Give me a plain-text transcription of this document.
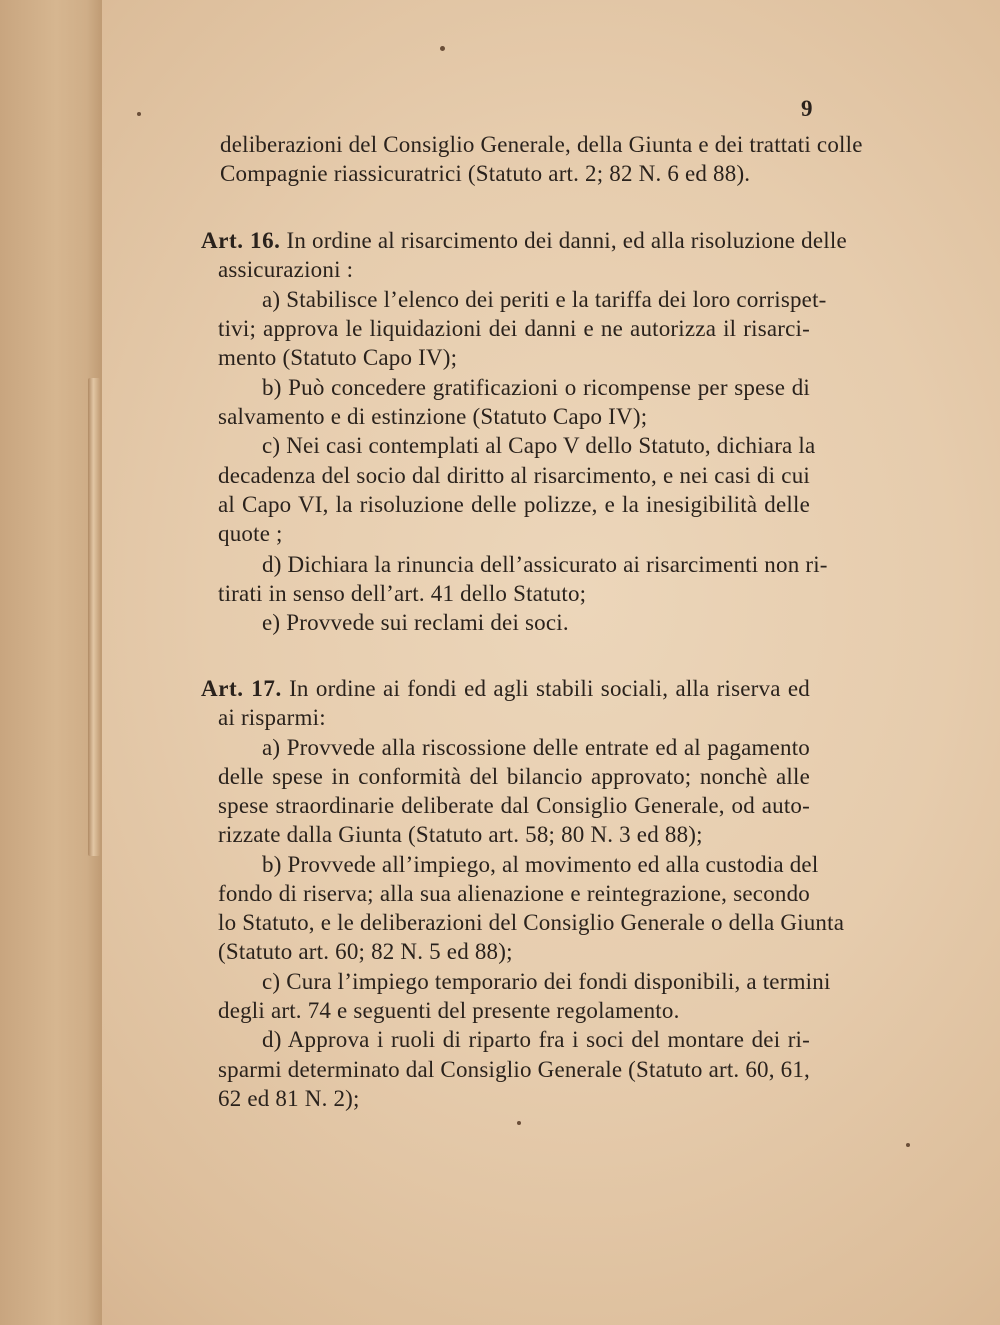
9
deliberazioni del Consiglio Generale, della Giunta e dei trattati colle
Compagnie riassicuratrici (Statuto art. 2; 82 N. 6 ed 88).
Art. 16. In ordine al risarcimento dei danni, ed alla risoluzione delle
assicurazioni :
a) Stabilisce l’elenco dei periti e la tariffa dei loro corrispet-
tivi; approva le liquidazioni dei danni e ne autorizza il risarci-
mento (Statuto Capo IV);
b) Può concedere gratificazioni o ricompense per spese di
salvamento e di estinzione (Statuto Capo IV);
c) Nei casi contemplati al Capo V dello Statuto, dichiara la
decadenza del socio dal diritto al risarcimento, e nei casi di cui
al Capo VI, la risoluzione delle polizze, e la inesigibilità delle
quote ;
d) Dichiara la rinuncia dell’assicurato ai risarcimenti non ri-
tirati in senso dell’art. 41 dello Statuto;
e) Provvede sui reclami dei soci.
Art. 17. In ordine ai fondi ed agli stabili sociali, alla riserva ed
ai risparmi:
a) Provvede alla riscossione delle entrate ed al pagamento
delle spese in conformità del bilancio approvato; nonchè alle
spese straordinarie deliberate dal Consiglio Generale, od auto-
rizzate dalla Giunta (Statuto art. 58; 80 N. 3 ed 88);
b) Provvede all’impiego, al movimento ed alla custodia del
fondo di riserva; alla sua alienazione e reintegrazione, secondo
lo Statuto, e le deliberazioni del Consiglio Generale o della Giunta
(Statuto art. 60; 82 N. 5 ed 88);
c) Cura l’impiego temporario dei fondi disponibili, a termini
degli art. 74 e seguenti del presente regolamento.
d) Approva i ruoli di riparto fra i soci del montare dei ri-
sparmi determinato dal Consiglio Generale (Statuto art. 60, 61,
62 ed 81 N. 2);
